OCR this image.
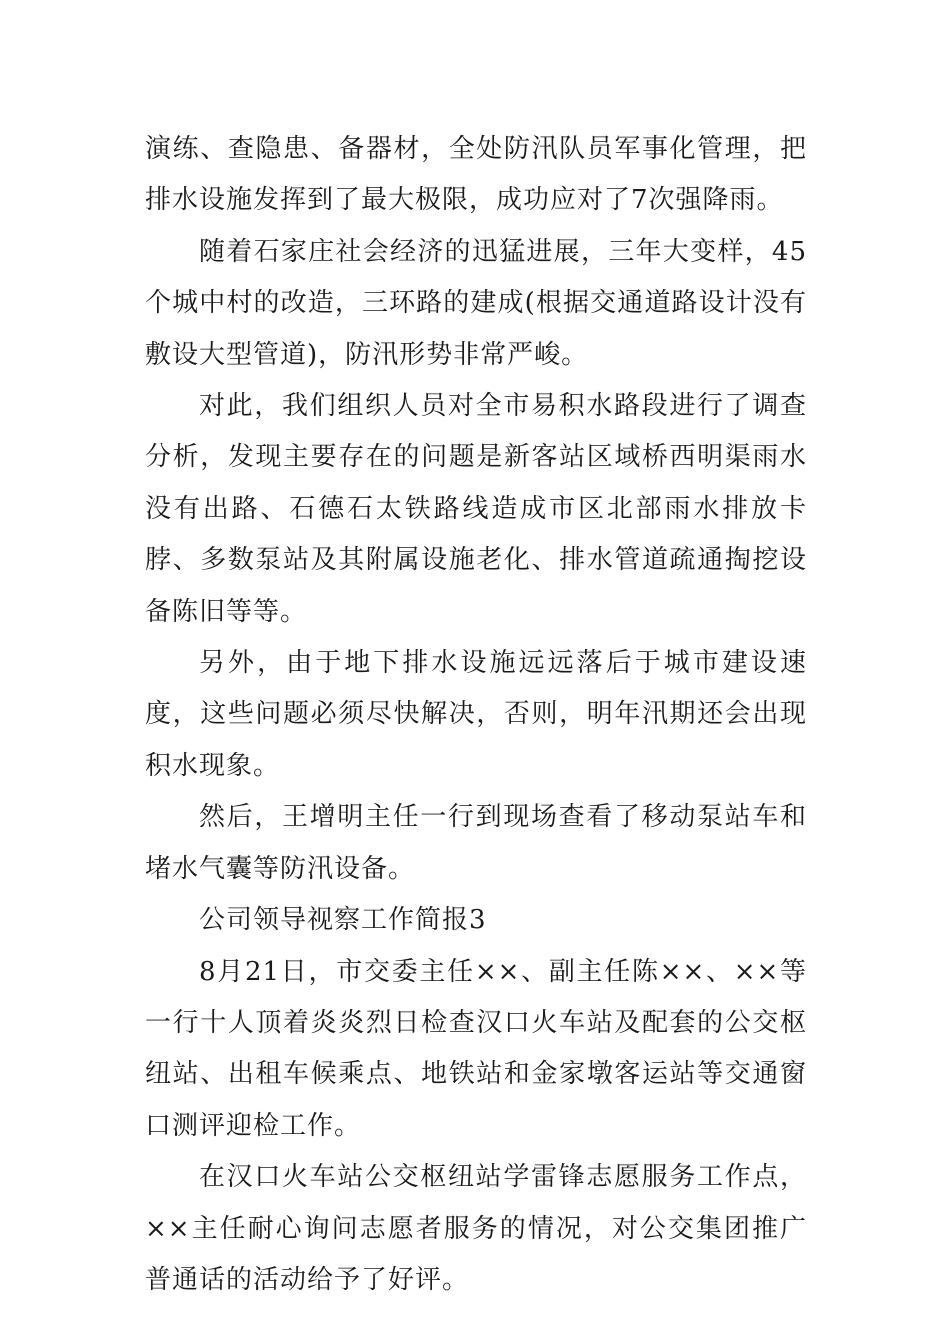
演练、查隐患、备器材，全处防汛队员军事化管理，把排水设施发挥到了最大极限，成功应对了7次强降雨。

随着石家庄社会经济的迅猛进展，三年大变样，45个城中村的改造，三环路的建成(根据交通道路设计没有敷设大型管道)，防汛形势非常严峻。

对此，我们组织人员对全市易积水路段进行了调查分析，发现主要存在的问题是新客站区域桥西明渠雨水没有出路、石德石太铁路线造成市区北部雨水排放卡脖、多数泵站及其附属设施老化、排水管道疏通掏挖设备陈旧等等。

另外，由于地下排水设施远远落后于城市建设速度，这些问题必须尽快解决，否则，明年汛期还会出现积水现象。

然后，王增明主任一行到现场查看了移动泵站车和堵水气囊等防汛设备。

公司领导视察工作简报3

8月21日，市交委主任××、副主任陈××、××等一行十人顶着炎炎烈日检查汉口火车站及配套的公交枢纽站、出租车候乘点、地铁站和金家墩客运站等交通窗口测评迎检工作。

在汉口火车站公交枢纽站学雷锋志愿服务工作点，××主任耐心询问志愿者服务的情况，对公交集团推广普通话的活动给予了好评。
